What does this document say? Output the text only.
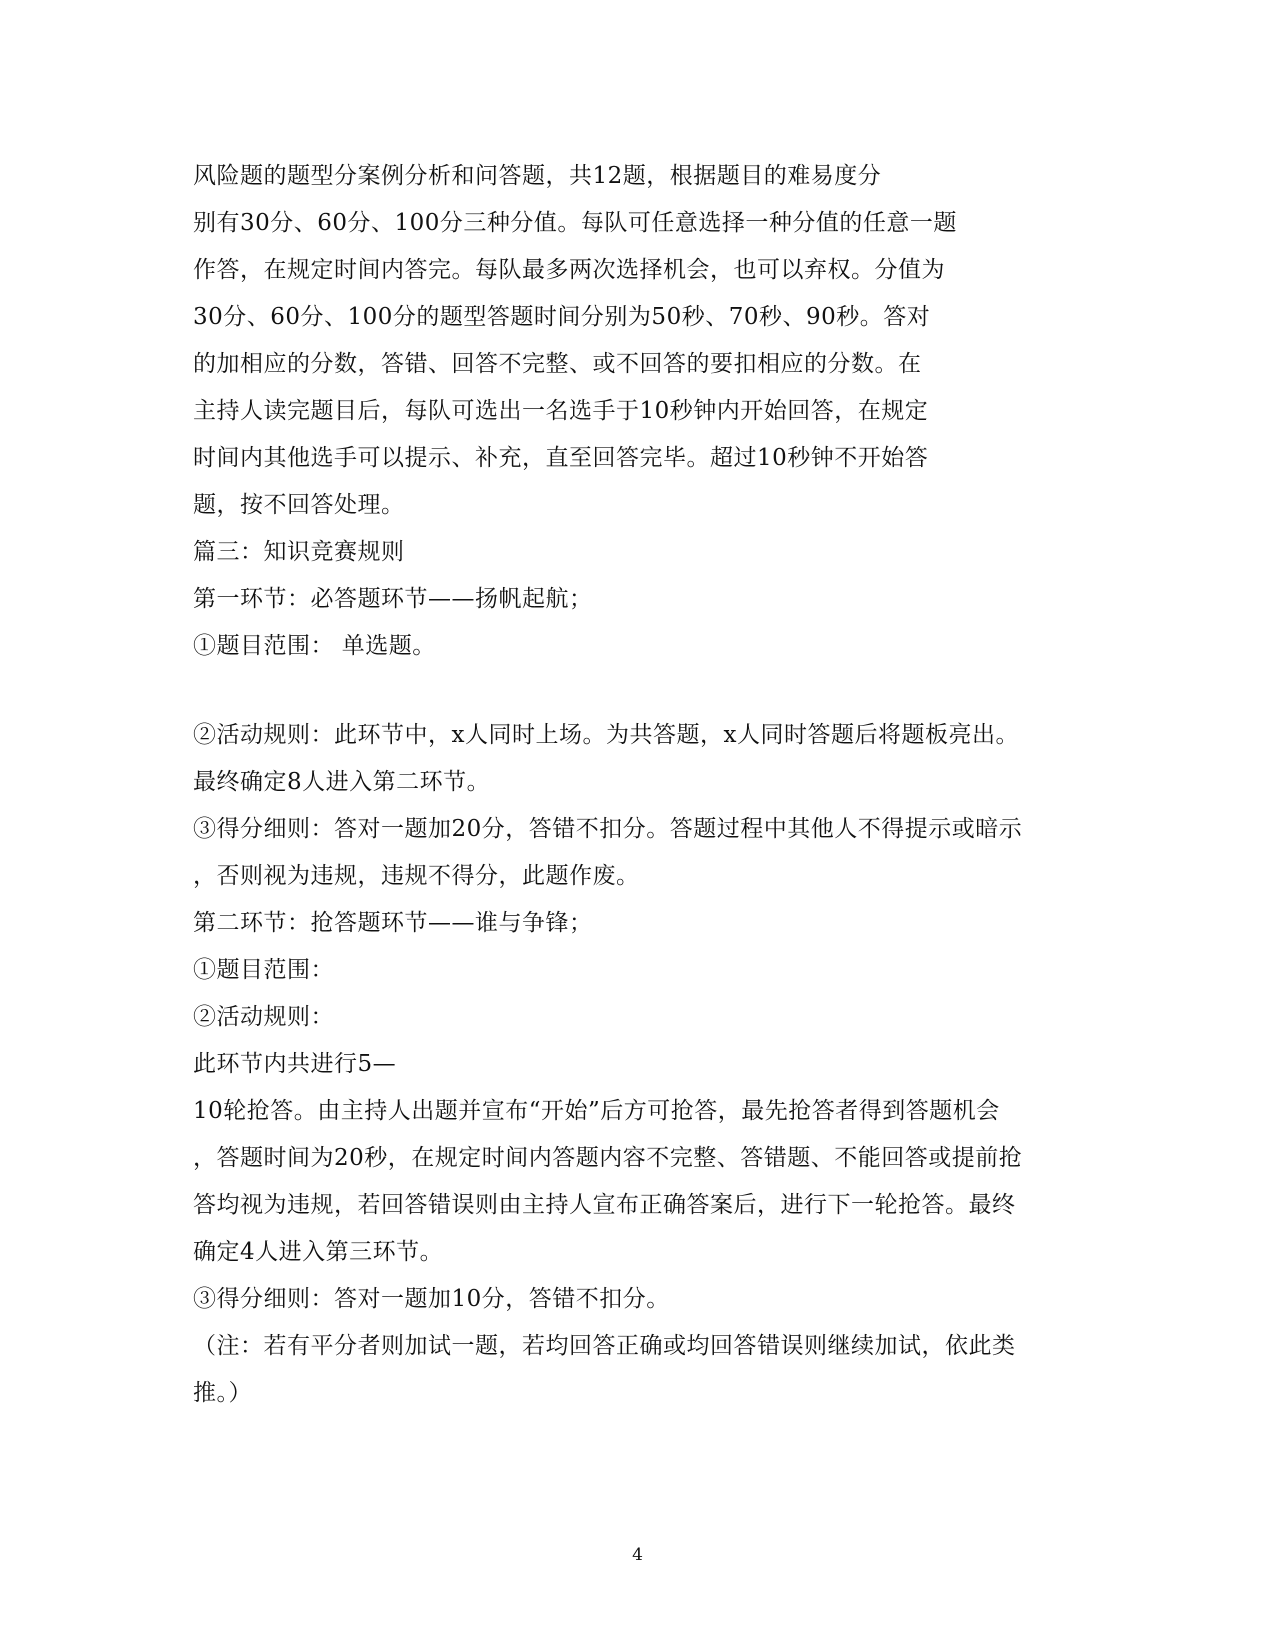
风险题的题型分案例分析和问答题，共12题，根据题目的难易度分
别有30分、60分、100分三种分值。每队可任意选择一种分值的任意一题
作答，在规定时间内答完。每队最多两次选择机会，也可以弃权。分值为
30分、60分、100分的题型答题时间分别为50秒、70秒、90秒。答对
的加相应的分数，答错、回答不完整、或不回答的要扣相应的分数。在
主持人读完题目后，每队可选出一名选手于10秒钟内开始回答，在规定
时间内其他选手可以提示、补充，直至回答完毕。超过10秒钟不开始答
题，按不回答处理。
篇三：知识竞赛规则
第一环节：必答题环节——扬帆起航；
①题目范围： 单选题。
②活动规则：此环节中，x人同时上场。为共答题，x人同时答题后将题板亮出。
最终确定8人进入第二环节。
③得分细则：答对一题加20分，答错不扣分。答题过程中其他人不得提示或暗示
，否则视为违规，违规不得分，此题作废。
第二环节：抢答题环节——谁与争锋；
①题目范围：
②活动规则：
此环节内共进行5—
10轮抢答。由主持人出题并宣布“开始”后方可抢答，最先抢答者得到答题机会
，答题时间为20秒，在规定时间内答题内容不完整、答错题、不能回答或提前抢
答均视为违规，若回答错误则由主持人宣布正确答案后，进行下一轮抢答。最终
确定4人进入第三环节。
③得分细则：答对一题加10分，答错不扣分。
（注：若有平分者则加试一题，若均回答正确或均回答错误则继续加试，依此类
推。）
4
